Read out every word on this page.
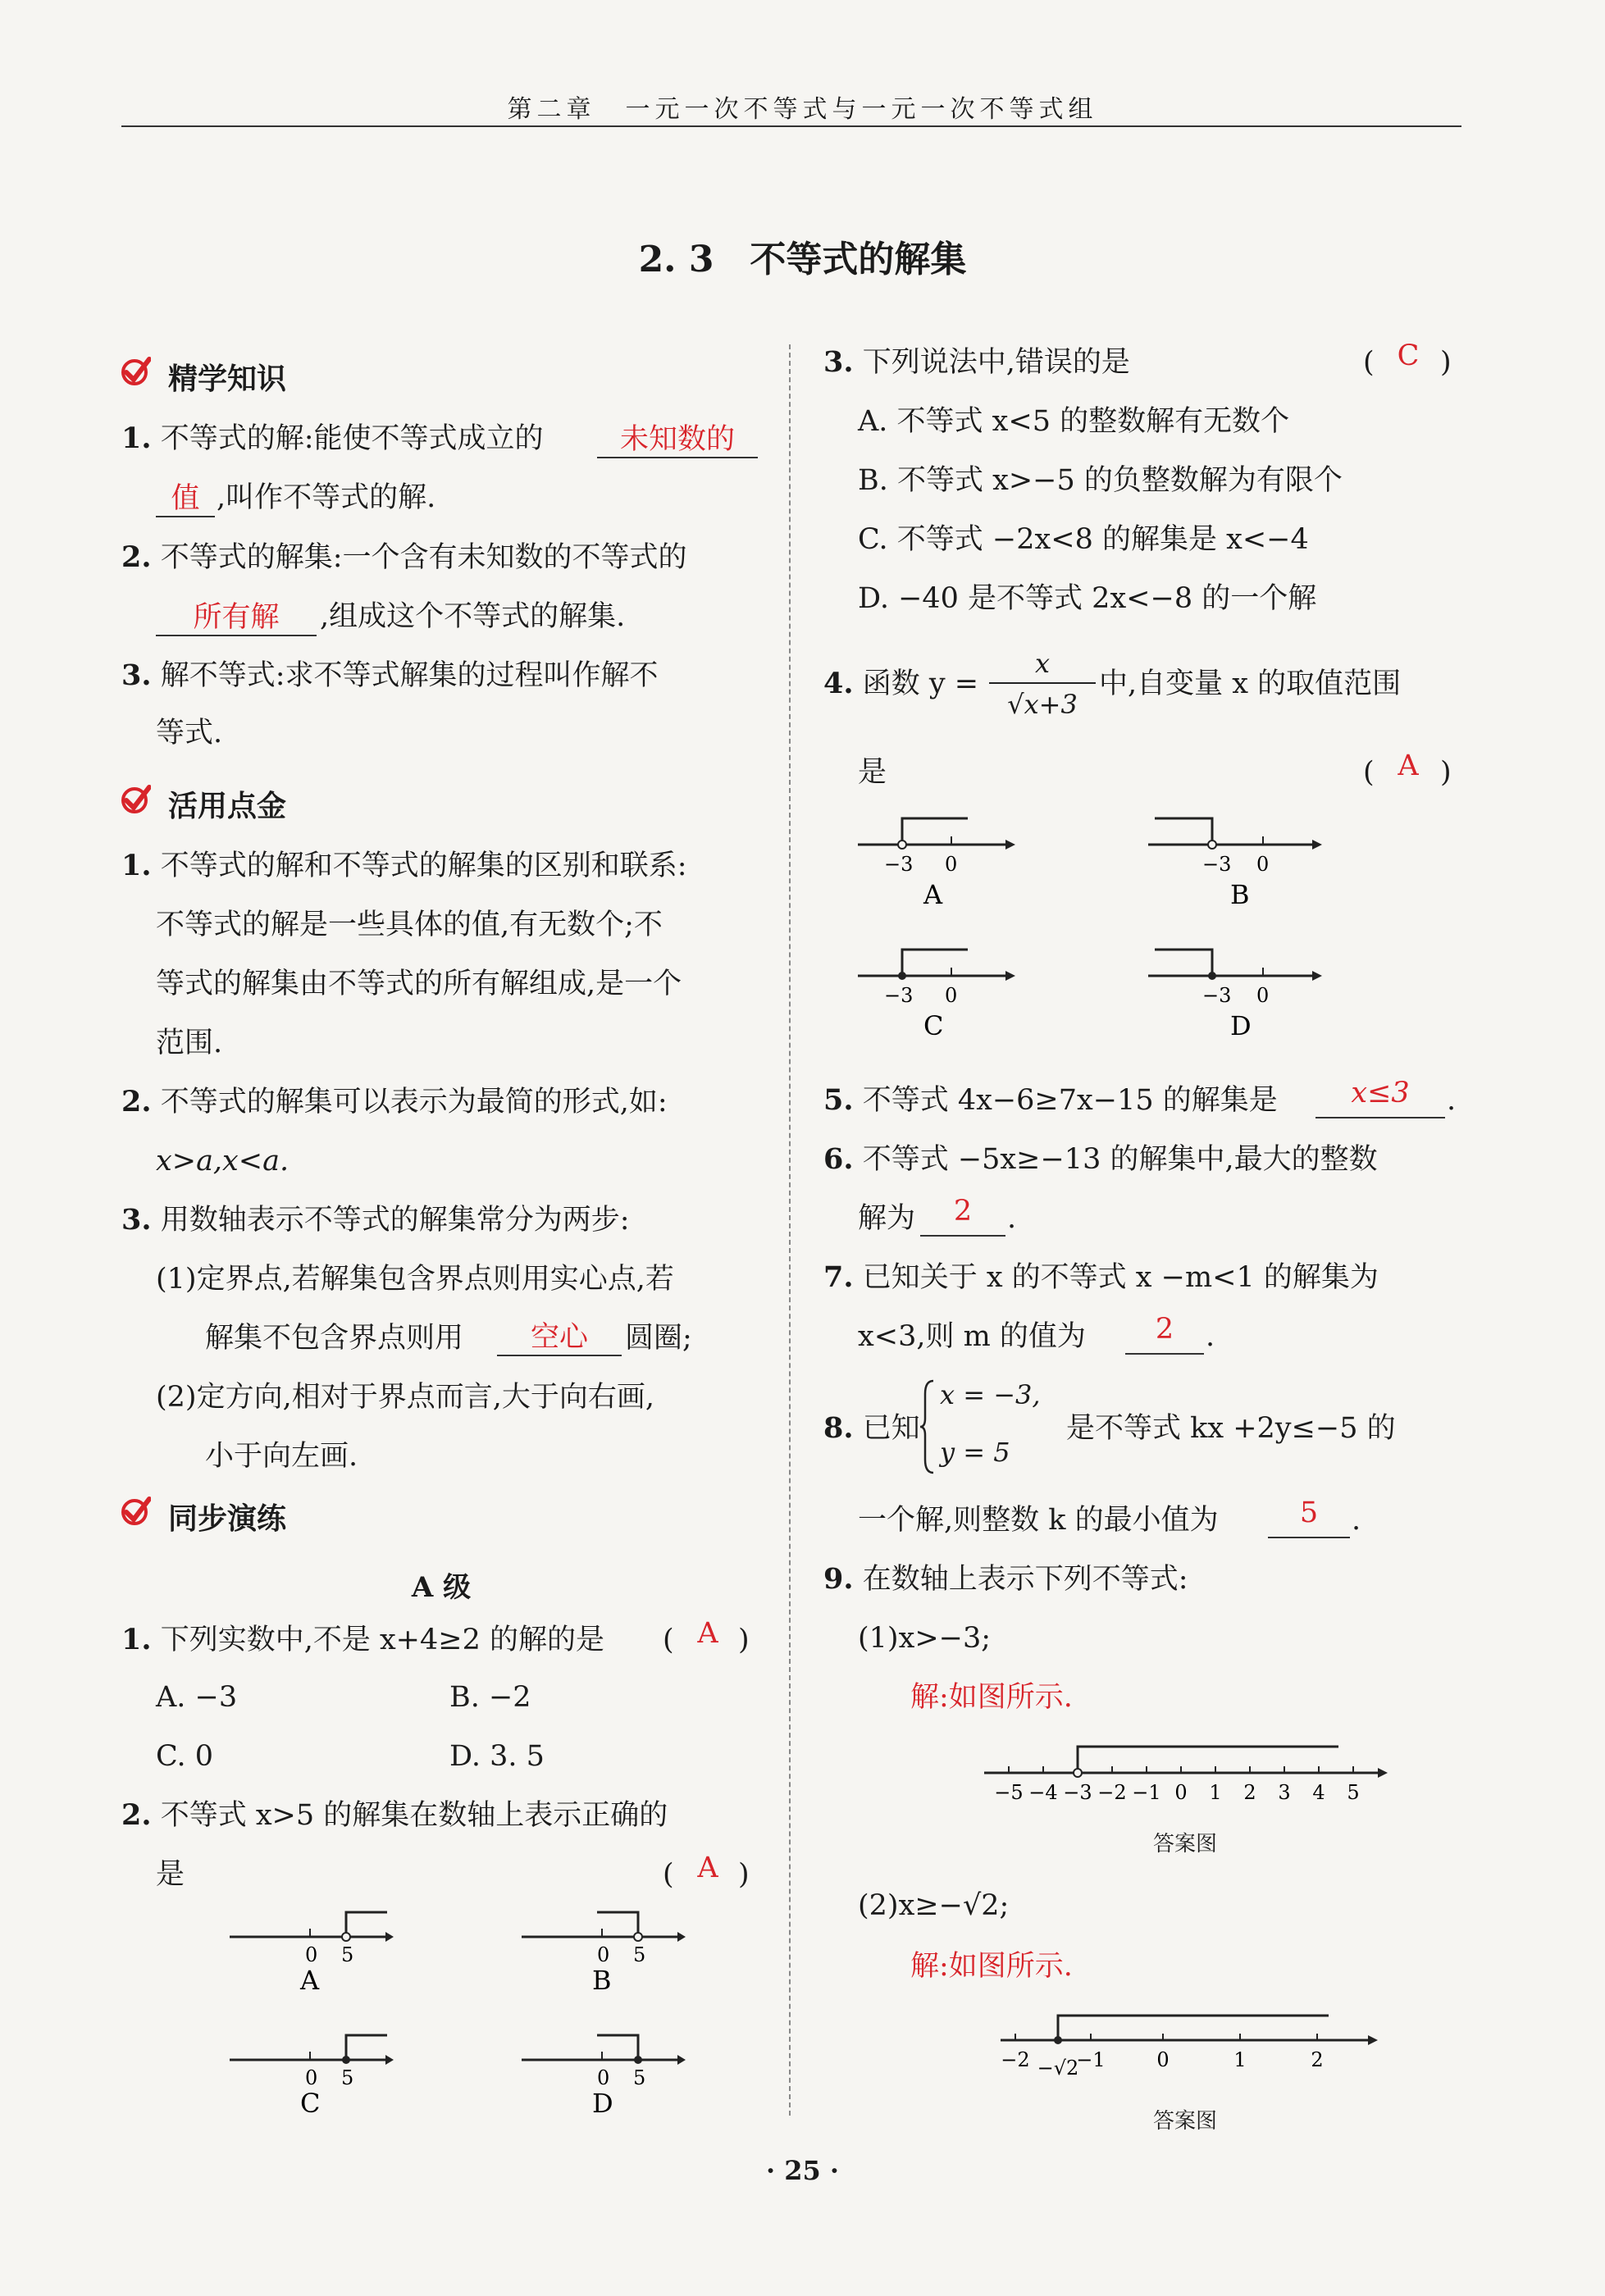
第二章　一元一次不等式与一元一次不等式组
2. 3　不等式的解集
精学知识
1. 不等式的解:能使不等式成立的	未知数的
值 ,叫作不等式的解.
2. 不等式的解集:一个含有未知数的不等式的
所有解	,组成这个不等式的解集.
3. 解不等式:求不等式解集的过程叫作解不
等式.
活用点金
1. 不等式的解和不等式的解集的区别和联系:
不等式的解是一些具体的值,有无数个;不
等式的解集由不等式的所有解组成,是一个
范围.
2. 不等式的解集可以表示为最简的形式,如:
x>a,x<a.
3. 用数轴表示不等式的解集常分为两步:
(1)定界点,若解集包含界点则用实心点,若
解集不包含界点则用	空心	圆圈;
(2)定方向,相对于界点而言,大于向右画,
小于向左画.
同步演练
A 级
1. 下列实数中,不是 x+4≥2 的解的是 ( A )
A. −3	B. −2
C. 0	D. 3. 5
2. 不等式 x>5 的解集在数轴上表示正确的
是	( A )
0 5
A
0 5
B
0 5
C
0 5
D
3. 下列说法中,错误的是	( C )
A. 不等式 x<5 的整数解有无数个
B. 不等式 x>−5 的负整数解为有限个
C. 不等式 −2x<8 的解集是 x<−4
D. −40 是不等式 2x<−8 的一个解
4. 函数 y =
x
√x+3
中,自变量 x 的取值范围
是	( A )
−3 0
A
−3 0
B
−3 0
C
−3 0
D
5. 不等式 4x−6≥7x−15 的解集是	x≤3	.
6. 不等式 −5x≥−13 的解集中,最大的整数
解为	2	.
7. 已知关于 x 的不等式 x −m<1 的解集为
x<3,则 m 的值为	2	.
8. 已知
x = −3,
y = 5
是不等式 kx +2y≤−5 的
一个解,则整数 k 的最小值为	5	.
9. 在数轴上表示下列不等式:
(1)x>−3;
解:如图所示.
−5 −4 −3 −2 −1 0 1 2 3 4 5
答案图
(2)x≥−√2;
解:如图所示.
−2 −√2
−1	0	1	2
答案图
· 25 ·
